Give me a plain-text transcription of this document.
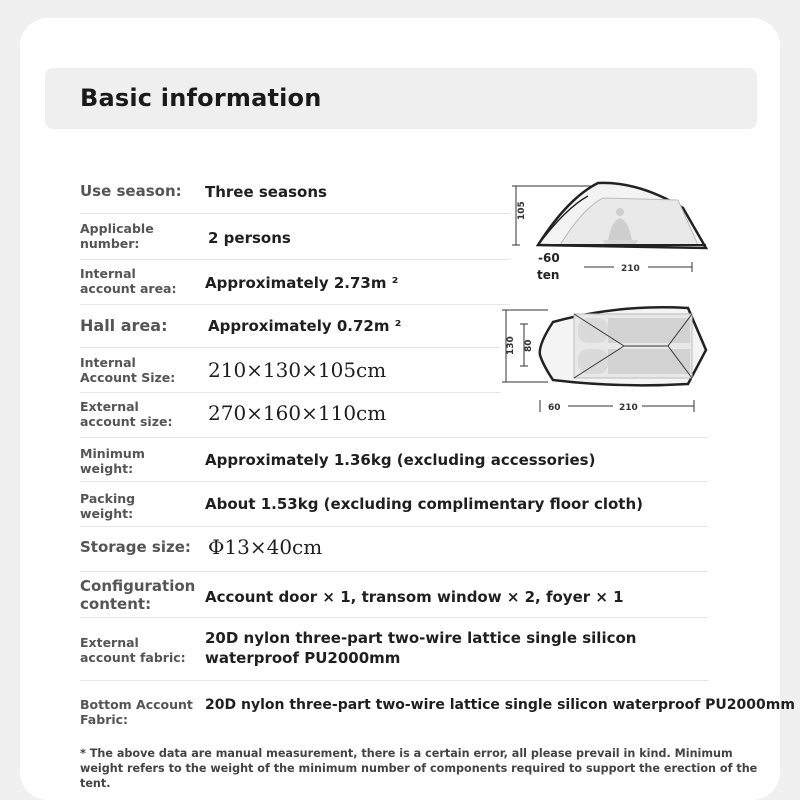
Basic information
Use season: Three seasons
Applicable number:	2 persons
Internal account area: Approximately 2.73m ²
Hall area:	Approximately 0.72m ²
Internal Account Size: 210×130×105cm
External account size:	270×160×110cm
Minimum weight:	Approximately 1.36kg (excluding accessories)
Packing weight:
About 1.53kg (excluding complimentary floor cloth)
Storage size: Φ13×40cm
Configuration content:	Account door × 1, transom window × 2, foyer × 1
External account fabric:
20D nylon three-part two-wire lattice single silicon waterproof PU2000mm
Bottom Account Fabric:
20D nylon three-part two-wire lattice single silicon waterproof PU2000mm
105
-60
ten	210
130 80
60	210
* The above data are manual measurement, there is a certain error, all please prevail in kind. Minimum weight refers to the weight of the minimum number of components required to support the erection of the tent.
